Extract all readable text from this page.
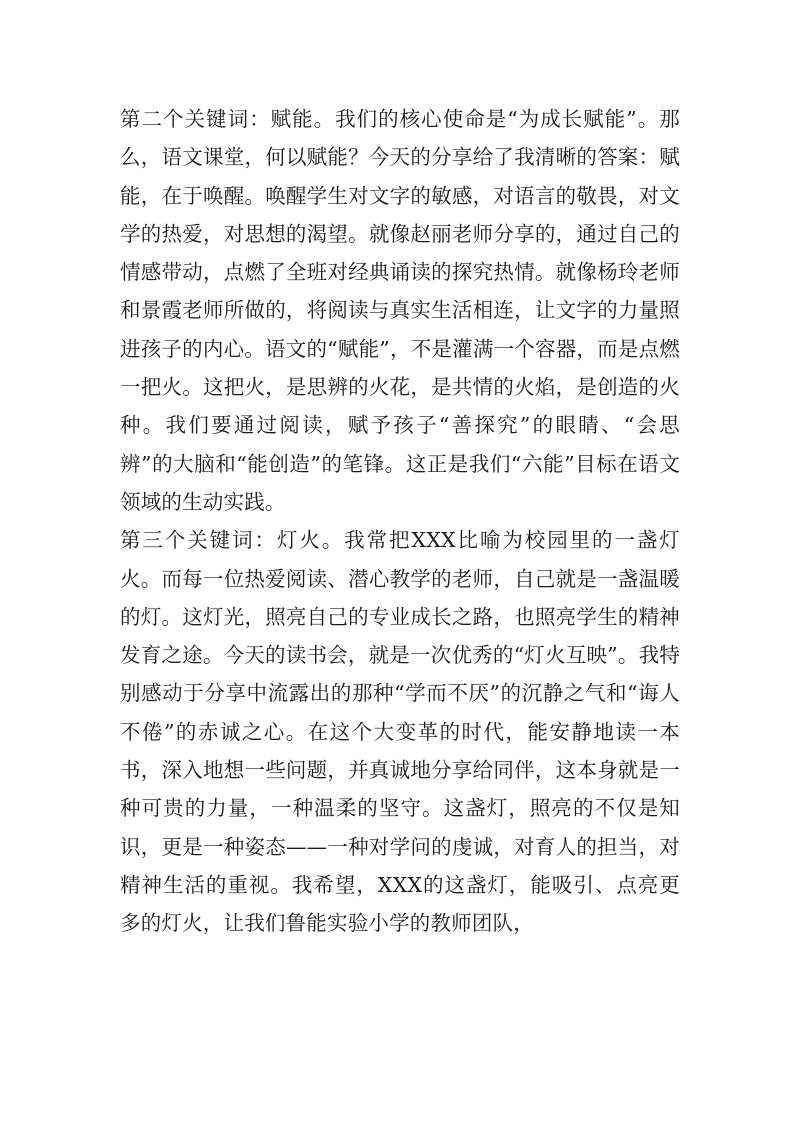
第二个关键词：赋能。我们的核心使命是“为成长赋能”。那么，语文课堂，何以赋能？今天的分享给了我清晰的答案：赋能，在于唤醒。唤醒学生对文字的敏感，对语言的敬畏，对文学的热爱，对思想的渴望。就像赵丽老师分享的，通过自己的情感带动，点燃了全班对经典诵读的探究热情。就像杨玲老师和景霞老师所做的，将阅读与真实生活相连，让文字的力量照进孩子的内心。语文的“赋能”，不是灌满一个容器，而是点燃一把火。这把火，是思辨的火花，是共情的火焰，是创造的火种。我们要通过阅读，赋予孩子“善探究”的眼睛、“会思辨”的大脑和“能创造”的笔锋。这正是我们“六能”目标在语文领域的生动实践。

第三个关键词：灯火。我常把XXX比喻为校园里的一盏灯火。而每一位热爱阅读、潜心教学的老师，自己就是一盏温暖的灯。这灯光，照亮自己的专业成长之路，也照亮学生的精神发育之途。今天的读书会，就是一次优秀的“灯火互映”。我特别感动于分享中流露出的那种“学而不厌”的沉静之气和“诲人不倦”的赤诚之心。在这个大变革的时代，能安静地读一本书，深入地想一些问题，并真诚地分享给同伴，这本身就是一种可贵的力量，一种温柔的坚守。这盏灯，照亮的不仅是知识，更是一种姿态——一种对学问的虔诚，对育人的担当，对精神生活的重视。我希望，XXX的这盏灯，能吸引、点亮更多的灯火，让我们鲁能实验小学的教师团队，
